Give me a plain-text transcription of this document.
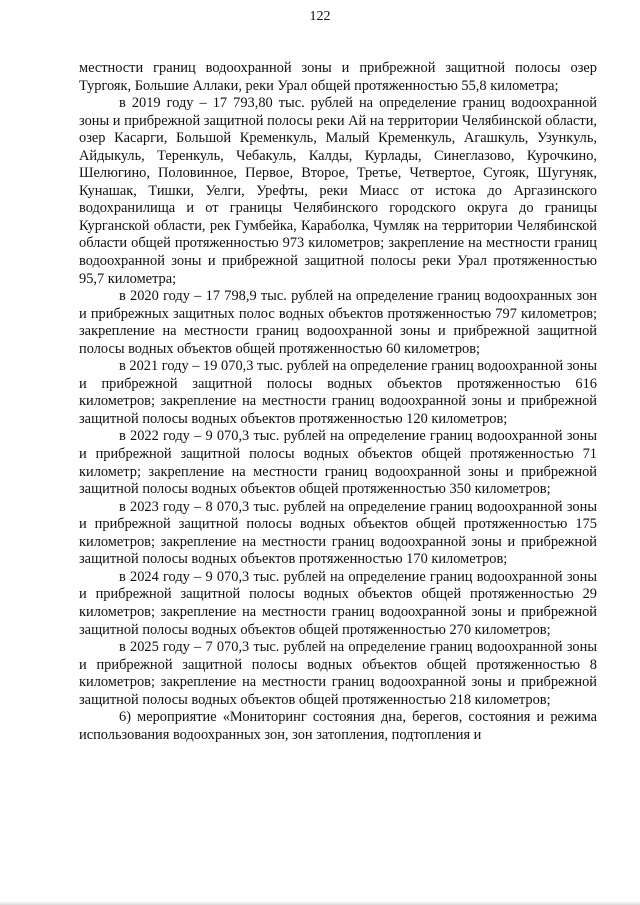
122

местности границ водоохранной зоны и прибрежной защитной полосы озер Тургояк, Большие Аллаки, реки Урал общей протяженностью 55,8 километра;

в 2019 году – 17 793,80 тыс. рублей на определение границ водоохранной зоны и прибрежной защитной полосы реки Ай на территории Челябинской области, озер Касарги, Большой Кременкуль, Малый Кременкуль, Агашкуль, Узункуль, Айдыкуль, Теренкуль, Чебакуль, Калды, Курлады, Синеглазово, Курочкино, Шелюгино, Половинное, Первое, Второе, Третье, Четвертое, Сугояк, Шугуняк, Кунашак, Тишки, Уелги, Урефты, реки Миасс от истока до Аргазинского водохранилища и от границы Челябинского городского округа до границы Курганской области, рек Гумбейка, Караболка, Чумляк на территории Челябинской области общей протяженностью 973 километров; закрепление на местности границ водоохранной зоны и прибрежной защитной полосы реки Урал протяженностью 95,7 километра;

в 2020 году – 17 798,9 тыс. рублей на определение границ водоохранных зон и прибрежных защитных полос водных объектов протяженностью 797 километров; закрепление на местности границ водоохранной зоны и прибрежной защитной полосы водных объектов общей протяженностью 60 километров;

в 2021 году – 19 070,3 тыс. рублей на определение границ водоохранной зоны и прибрежной защитной полосы водных объектов протяженностью 616 километров; закрепление на местности границ водоохранной зоны и прибрежной защитной полосы водных объектов протяженностью 120 километров;

в 2022 году – 9 070,3 тыс. рублей на определение границ водоохранной зоны и прибрежной защитной полосы водных объектов общей протяженностью 71 километр; закрепление на местности границ водоохранной зоны и прибрежной защитной полосы водных объектов общей протяженностью 350 километров;

в 2023 году – 8 070,3 тыс. рублей на определение границ водоохранной зоны и прибрежной защитной полосы водных объектов общей протяженностью 175 километров; закрепление на местности границ водоохранной зоны и прибрежной защитной полосы водных объектов протяженностью 170 километров;

в 2024 году – 9 070,3 тыс. рублей на определение границ водоохранной зоны и прибрежной защитной полосы водных объектов общей протяженностью 29 километров; закрепление на местности границ водоохранной зоны и прибрежной защитной полосы водных объектов общей протяженностью 270 километров;

в 2025 году – 7 070,3 тыс. рублей на определение границ водоохранной зоны и прибрежной защитной полосы водных объектов общей протяженностью 8 километров; закрепление на местности границ водоохранной зоны и прибрежной защитной полосы водных объектов общей протяженностью 218 километров;

6) мероприятие «Мониторинг состояния дна, берегов, состояния и режима использования водоохранных зон, зон затопления, подтопления и
